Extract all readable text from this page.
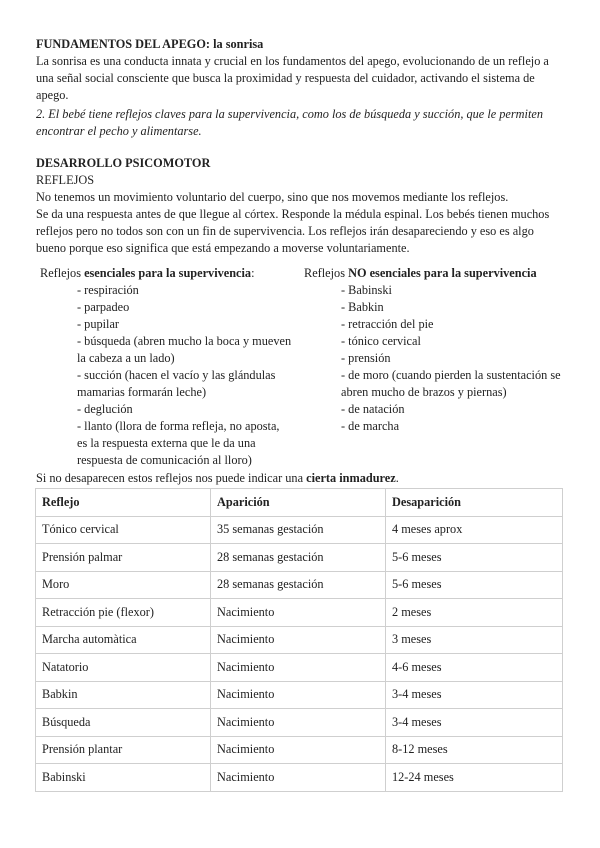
FUNDAMENTOS DEL APEGO: la sonrisa

La sonrisa es una conducta innata y crucial en los fundamentos del apego, evolucionando de un reflejo a una señal social consciente que busca la proximidad y respuesta del cuidador, activando el sistema de apego.

2. El bebé tiene reflejos claves para la supervivencia, como los de búsqueda y succión, que le permiten encontrar el pecho y alimentarse.

DESARROLLO PSICOMOTOR
REFLEJOS

No tenemos un movimiento voluntario del cuerpo, sino que nos movemos mediante los reflejos.

Se da una respuesta antes de que llegue al córtex. Responde la médula espinal. Los bebés tienen muchos reflejos pero no todos son con un fin de supervivencia. Los reflejos irán desapareciendo y eso es algo bueno porque eso significa que está empezando a moverse voluntariamente.

Reflejos esenciales para la supervivencia:
- respiración
- parpadeo
- pupilar
- búsqueda (abren mucho la boca y mueven la cabeza a un lado)
- succión (hacen el vacío y las glándulas mamarias formarán leche)
- deglución
- llanto (llora de forma refleja, no aposta, es la respuesta externa que le da una respuesta de comunicación al lloro)
Reflejos NO esenciales para la supervivencia
- Babinski
- Babkin
- retracción del pie
- tónico cervical
- prensión
- de moro (cuando pierden la sustentación se abren mucho de brazos y piernas)
- de natación
- de marcha
Si no desaparecen estos reflejos nos puede indicar una cierta inmadurez.
Reflejo	Aparición	Desaparición
Tónico cervical	35 semanas gestación	4 meses aprox
Prensión palmar	28 semanas gestación	5-6 meses
Moro	28 semanas gestación	5-6 meses
Retracción pie (flexor)	Nacimiento	2 meses
Marcha automàtica	Nacimiento	3 meses
Natatorio	Nacimiento	4-6 meses
Babkin	Nacimiento	3-4 meses
Búsqueda	Nacimiento	3-4 meses
Prensión plantar	Nacimiento	8-12 meses
Babinski	Nacimiento	12-24 meses
